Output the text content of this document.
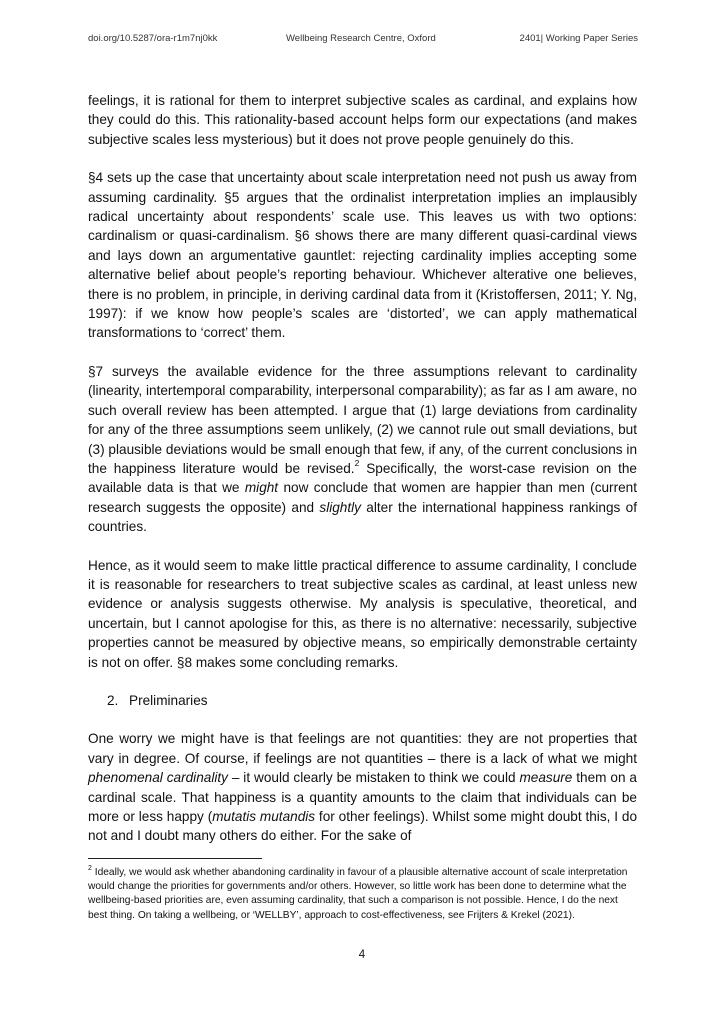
doi.org/10.5287/ora-r1m7nj0kk	Wellbeing Research Centre, Oxford	2401| Working Paper Series

feelings, it is rational for them to interpret subjective scales as cardinal, and explains how they could do this. This rationality-based account helps form our expectations (and makes subjective scales less mysterious) but it does not prove people genuinely do this.

§4 sets up the case that uncertainty about scale interpretation need not push us away from assuming cardinality. §5 argues that the ordinalist interpretation implies an implausibly radical uncertainty about respondents’ scale use. This leaves us with two options: cardinalism or quasi-cardinalism. §6 shows there are many different quasi-cardinal views and lays down an argumentative gauntlet: rejecting cardinality implies accepting some alternative belief about people’s reporting behaviour. Whichever alterative one believes, there is no problem, in principle, in deriving cardinal data from it (Kristoffersen, 2011; Y. Ng, 1997): if we know how people’s scales are ‘distorted’, we can apply mathematical transformations to ‘correct’ them.

§7 surveys the available evidence for the three assumptions relevant to cardinality (linearity, intertemporal comparability, interpersonal comparability); as far as I am aware, no such overall review has been attempted. I argue that (1) large deviations from cardinality for any of the three assumptions seem unlikely, (2) we cannot rule out small deviations, but (3) plausible deviations would be small enough that few, if any, of the current conclusions in the happiness literature would be revised.$^2$ Specifically, the worst-case revision on the available data is that we might now conclude that women are happier than men (current research suggests the opposite) and slightly alter the international happiness rankings of countries.

Hence, as it would seem to make little practical difference to assume cardinality, I conclude it is reasonable for researchers to treat subjective scales as cardinal, at least unless new evidence or analysis suggests otherwise. My analysis is speculative, theoretical, and uncertain, but I cannot apologise for this, as there is no alternative: necessarily, subjective properties cannot be measured by objective means, so empirically demonstrable certainty is not on offer. §8 makes some concluding remarks.

2. Preliminaries

One worry we might have is that feelings are not quantities: they are not properties that vary in degree. Of course, if feelings are not quantities – there is a lack of what we might phenomenal cardinality – it would clearly be mistaken to think we could measure them on a cardinal scale. That happiness is a quantity amounts to the claim that individuals can be more or less happy (mutatis mutandis for other feelings). Whilst some might doubt this, I do not and I doubt many others do either. For the sake of

$^2$ Ideally, we would ask whether abandoning cardinality in favour of a plausible alternative account of scale interpretation would change the priorities for governments and/or others. However, so little work has been done to determine what the wellbeing-based priorities are, even assuming cardinality, that such a comparison is not possible. Hence, I do the next best thing. On taking a wellbeing, or ‘WELLBY’, approach to cost-effectiveness, see Frijters & Krekel (2021).
4
